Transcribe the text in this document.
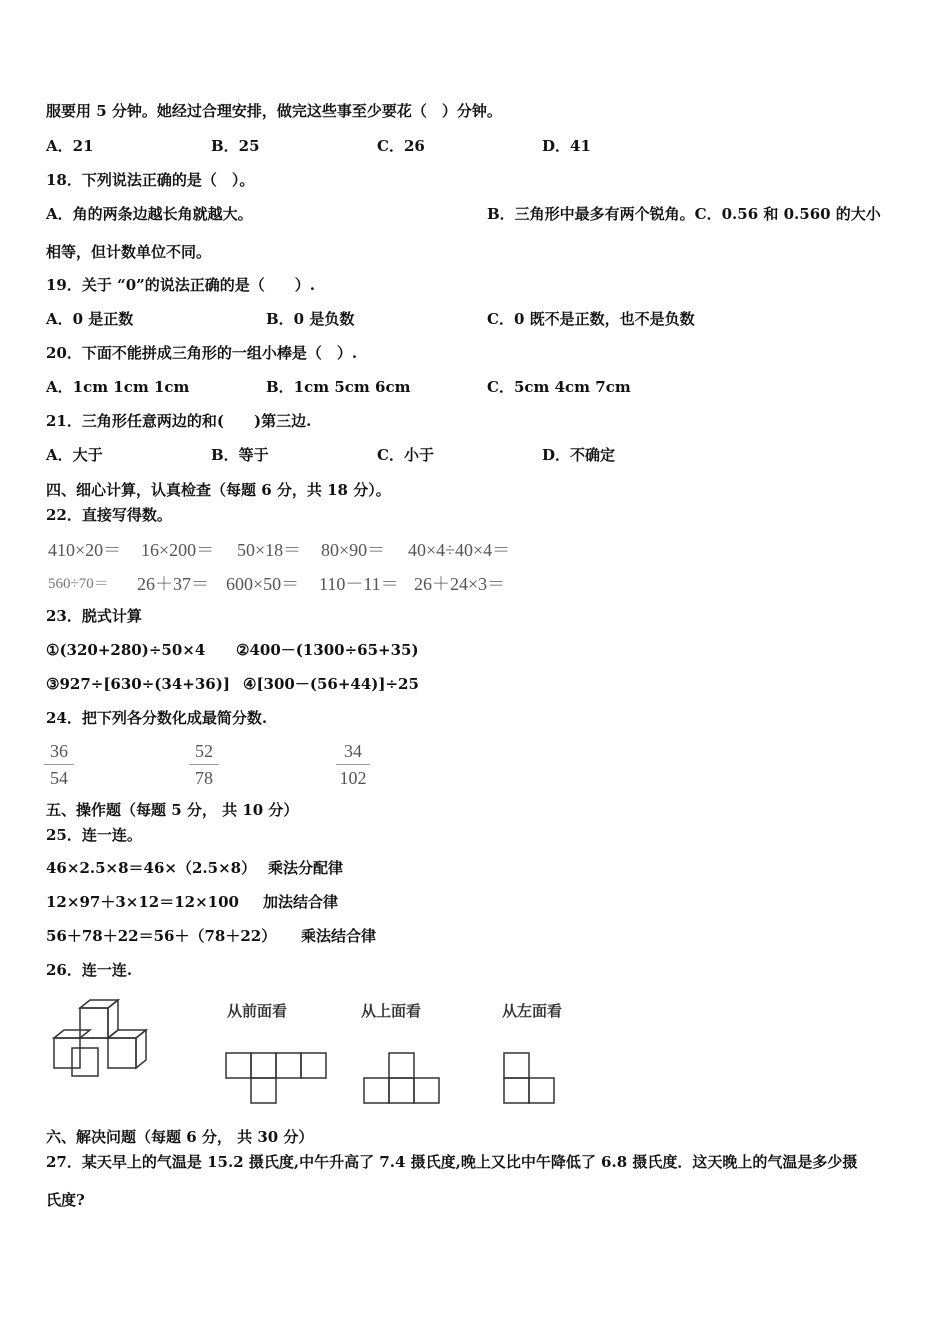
服要用 5 分钟。她经过合理安排，做完这些事至少要花（　）分钟。
A．21	B．25	C．26	D．41
18．下列说法正确的是（　）。
A．角的两条边越长角就越大。	B．三角形中最多有两个锐角。C．0.56 和 0.560 的大小
相等，但计数单位不同。
19．关于 “0”的说法正确的是（　　）.
A．0 是正数	B．0 是负数	C．0 既不是正数，也不是负数
20．下面不能拼成三角形的一组小棒是（　）.
A．1cm 1cm 1cm	B．1cm 5cm 6cm	C．5cm 4cm 7cm
21．三角形任意两边的和(　　)第三边.
A．大于	B．等于	C．小于	D．不确定
四、细心计算，认真检查（每题 6 分，共 18 分）。
22．直接写得数。
410×20＝ 16×200＝ 50×18＝ 80×90＝ 40×4÷40×4＝
560÷70＝ 26＋37＝ 600×50＝ 110－11＝ 26＋24×3＝
23．脱式计算
①(320+280)÷50×4 ②400－(1300÷65+35)
③927÷[630÷(34+36)] ④[300－(56+44)]÷25
24．把下列各分数化成最简分数.
36
54
52
78
34
102
五、操作题（每题 5 分， 共 10 分）
25．连一连。
46×2.5×8＝46×（2.5×8） 乘法分配律
12×97＋3×12＝12×100 加法结合律
56＋78＋22＝56＋（78＋22） 乘法结合律
26．连一连.
从前面看	从上面看	从左面看
六、解决问题（每题 6 分， 共 30 分）
27．某天早上的气温是 15.2 摄氏度,中午升高了 7.4 摄氏度,晚上又比中午降低了 6.8 摄氏度．这天晚上的气温是多少摄
氏度?
